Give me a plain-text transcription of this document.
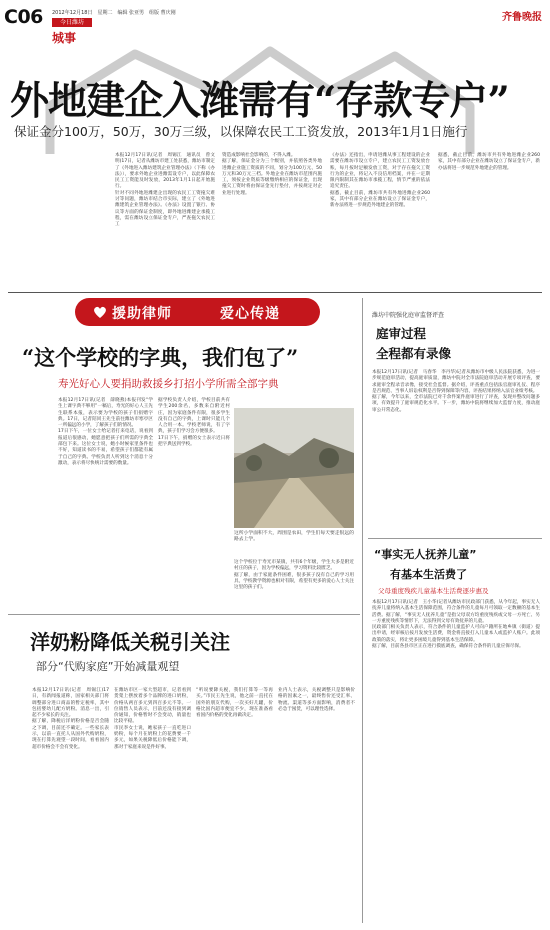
C06 2012年12月18日　星期二　编辑 张亚男　组版 曹庆刚
今日潍坊
城事
齐鲁晚报
外地建企入潍需有“存款专户”
保证金分100万，50万，30万三级，以保障农民工工资发放，2013年1月1日施行

本报12月17日讯(记者　周锡江　通讯员　曾文明)17日，记者从潍坊市建工处获悉，潍坊市制定了《外地进入潍坊建筑企业管理办法》（下称《办法》），要求外地企业进潍需设专户，以此保障农民工工资能及时发放，2013年1月1日起开始施行。

针对不同外地进潍建企出现的农民工工资拖欠难讨等问题，潍坊市结合市实际，建立了《外地进潍建筑企业管理办法》。《办法》设置了银行、协议等方面的保证金制度，即外地进潍建企承揽工程，需在潍坊设立保证金专户，严查拖欠农民工工

资造成影响社会影响的，不得入潍。

据了解，保证金分为三个级别，并依照各类外地进潍企业施工资质的不同，划分为100万元、50万元和30万元三档。外地企业在潍坊市范围内施工，须按企业资质等级缴纳相应的保证金，出现拖欠工资时将由保证金先行垫付，并按规定对企业进行处理。

《办法》还指出，申请进潍从事工程建设的企业需要在潍坊市设立专户，建立农民工工资发放台账，每月按时足额发放工资，对于存在拖欠工资行为的企业，将记入不良信用档案，并在一定期限内限制其在潍坊市承揽工程，情节严重的依法追究责任。

据悉，截止目前，潍坊市共有外地进潍企业260家，其中有部分企业在潍坊设立了保证金专户，新办法将进一步规范外地建企的管理。

据悉，截止目前，潍坊市共有外地进潍企业260家，其中有部分企业在潍坊设立了保证金专户，新办法将进一步规范外地建企的管理。

援助律师	爱心传递
“这个学校的字典，我们包了”
寿光好心人要捐助救援乡打招小学所需全部字典

本报12月17日讯(记者　薛晓燕)本报刊发“学生上课字典不够用”一稿后，寿光的好心人王先生联系本报，表示要为学校的孩子们捐赠字典。17日，记者陪同王先生前往潍坊市寒亭区一所偏远的小学，了解孩子们的情况。

17日下午，一位女士给记者打来电话，说看到报道后很感动，她愿意把孩子们所需的字典全部包下来。这位女士说，她小时候家里条件也不好，知道读书的不易，希望孩子们都能有属于自己的字典。学校负责人听到这个消息十分激动，表示将尽快统计需要的数量。

据学校负责人介绍，学校目前共有学生200余名，多数来自附近村庄，因为家庭条件有限，很多学生没有自己的字典，上课时只能几个人合用一本。学校老师说，有了字典，孩子们学习会方便很多。

17日下午，捐赠的女士表示近日将把字典送到学校。

这所小学面积不大，周围是农田，学生们每天要走很远的路去上学。

这个学校位于寿光市某镇，共有6个年级，学生大多是附近村庄的孩子，因为学校偏远，学习资料比较匮乏。

据了解，由于家庭条件困难，很多孩子没有自己的学习用具，学校教学资源也相对有限，希望有更多的爱心人士关注这里的孩子们。

洋奶粉降低关税引关注
部分“代购家庭”开始减量观望

本报12月17日讯(记者　周锡江)17日，有新闻报道称，国家相关部门将调整部分进口商品的暂定税率，其中包括婴幼儿配方奶粉。消息一出，引起不少家长的关注。

据了解，降税后洋奶粉价格是否会随之下调，目前还不确定。一些家长表示，以前一直托人从国外代购奶粉，现在打算先观望一段时间，看看国内超市价格会不会有变化。

在潍坊市区一家大型超市，记者看到货架上摆放着多个品牌的进口奶粉，价格从两百多元到四百多元不等。一位销售人员表示，目前还没有接到调价通知，价格暂时不会变动，销量也比较平稳。

市民李女士说，她家孩子一直吃进口奶粉，每个月在奶粉上的花费要一千多元，如果关税降低后价格能下调，那对于家庭来说是件好事。

“听说要降关税，我们打算等一等再买。”市民王先生说，他之前一直托在国外的朋友代购，一次买好几罐，价格比国内超市便宜不少，现在准备看看国内价格的变化再做决定。

业内人士表示，关税调整只是影响价格的因素之一，最终售价还受汇率、物流、渠道等多方面影响，消费者不必急于囤货，可以理性选择。

潍坊中院强化庭审监督评查
庭审过程
全程都有录像

本报12月17日讯(记者　马春华　李丹华)记者从潍坊市中级人民法院获悉，为进一步规范庭审活动，提高庭审质量，潍坊中院对全市法院庭审活动开展专项评查，要求庭审全程录音录像，接受社会监督。据介绍，评查重点包括法官庭审礼仪、程序是否规范、当事人诉讼权利是否得到保障等内容，评查结果将纳入法官业绩考核。

据了解，今年以来，全市法院已对千余件案件庭审进行了评查，发现并整改问题多项，有效提升了庭审规范化水平。下一步，潍坊中院将继续加大监督力度，推动庭审公开常态化。

“事实无人抚养儿童”
有基本生活费了
父母重度残疾儿童基本生活费逐步惠及

本报12月17日讯(记者　王小华)记者从潍坊市民政部门获悉，从今年起，事实无人抚养儿童将纳入基本生活保障范围，符合条件的儿童每月可领取一定数额的基本生活费。据了解，“事实无人抚养儿童”是指父母双方均重度残疾或父母一方死亡、另一方重度残疾等情形下，无法得到父母有效抚养的儿童。

民政部门相关负责人表示，符合条件的儿童监护人可向户籍所在地乡镇（街道）提出申请，经审核后按月发放生活费，资金将直接打入儿童本人或监护人账户。此项政策的落实，将让更多困境儿童得到基本生活保障。

据了解，目前各县市区正在进行摸底调查，确保符合条件的儿童应保尽保。
